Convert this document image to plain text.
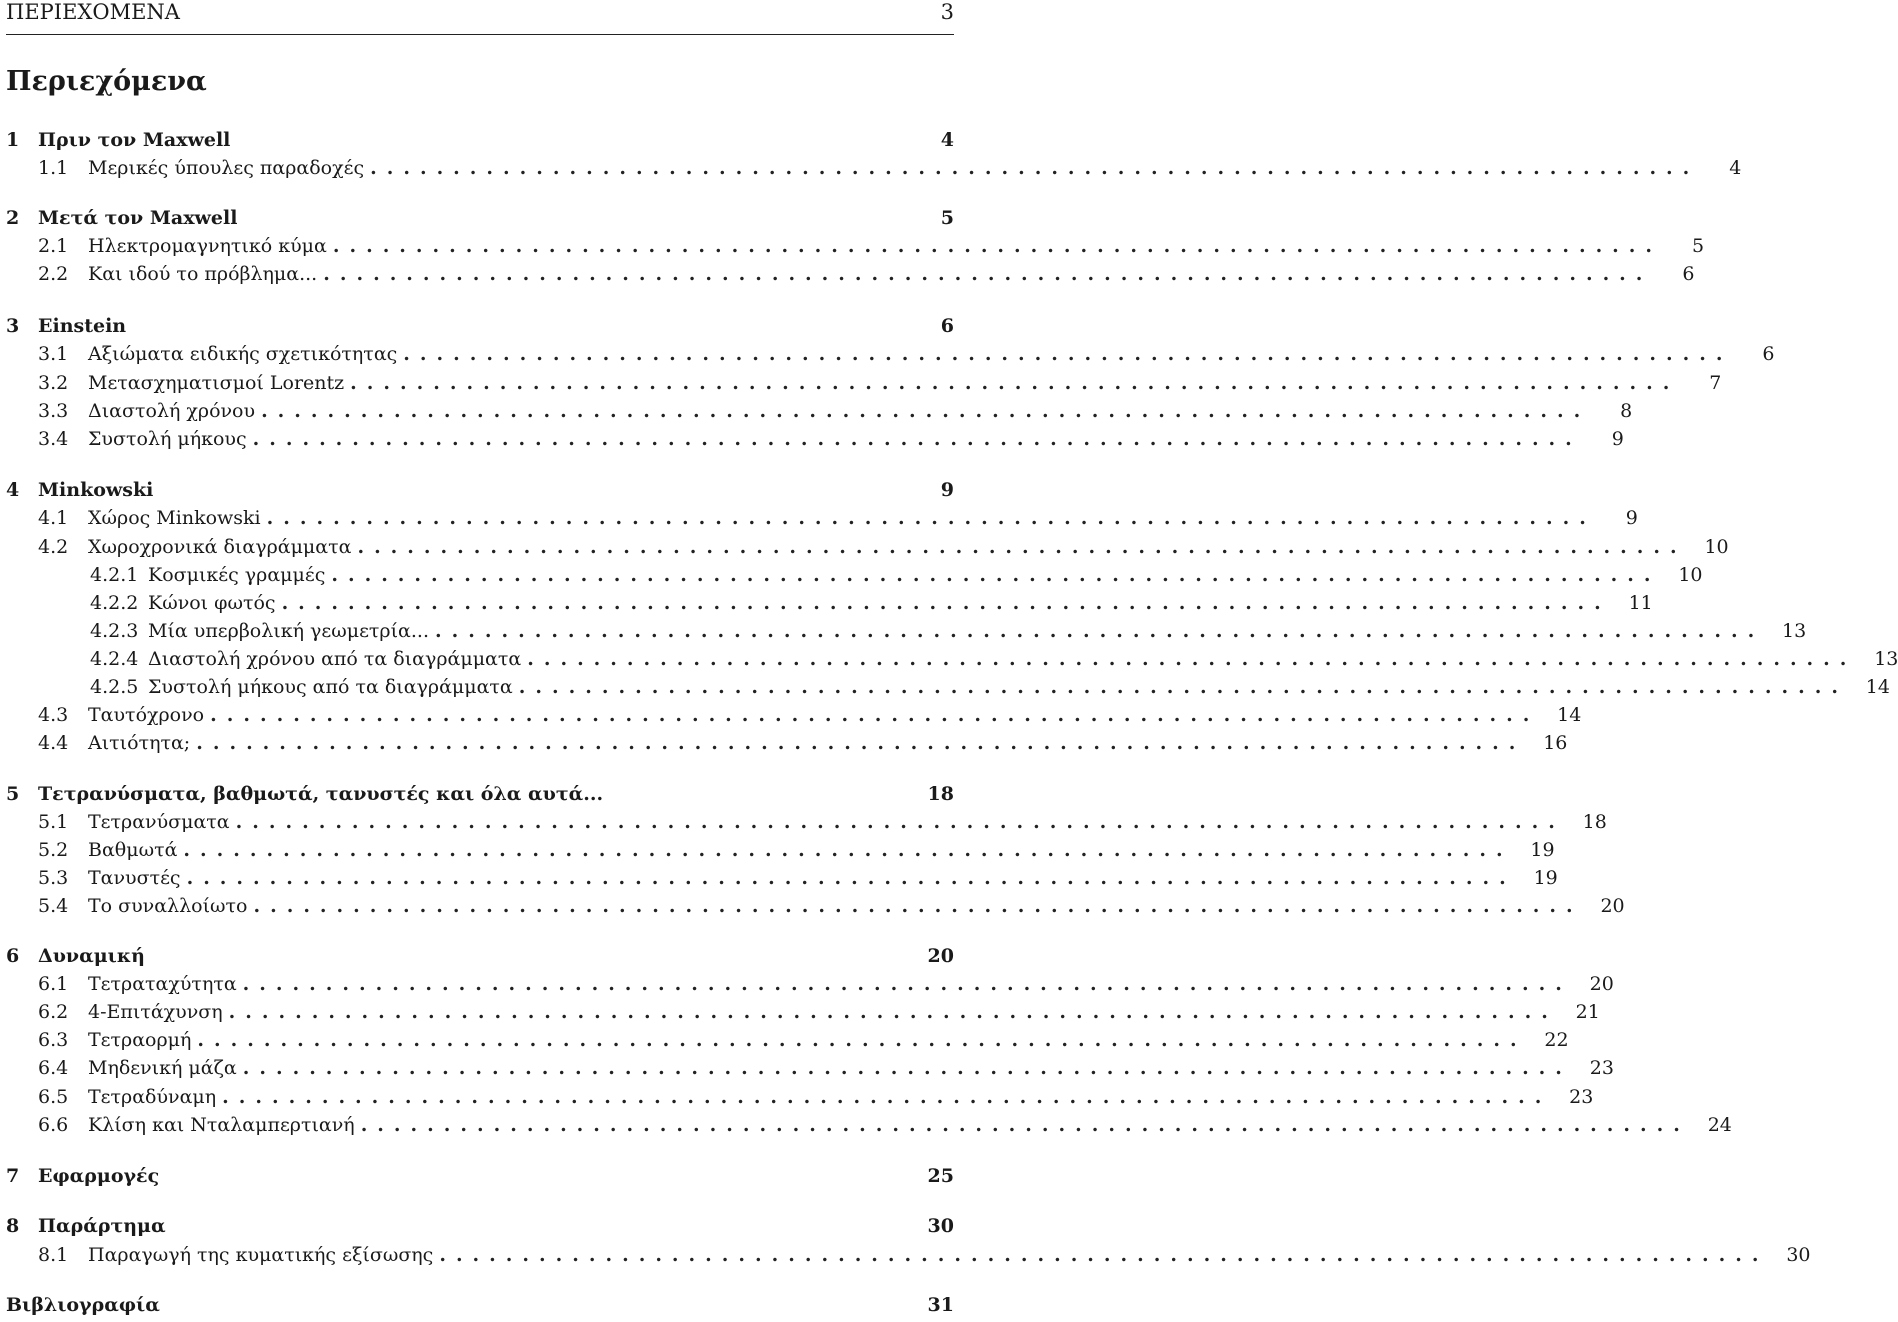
ΠΕΡΙΕΧΟΜΕΝΑ	3
Περιεχόμενα
1 Πριν τον Maxwell	4
1.1	Μερικές ύπουλες παραδοχές ................................................................................	4
2 Μετά τον Maxwell	5
2.1	Ηλεκτρομαγνητικό κύμα ................................................................................	5
2.2	Και ιδού το πρόβλημα... ................................................................................	6
3 Einstein	6
3.1	Αξιώματα ειδικής σχετικότητας ................................................................................	6
3.2	Μετασχηματισμοί Lorentz ................................................................................	7
3.3	Διαστολή χρόνου ................................................................................	8
3.4	Συστολή μήκους ................................................................................	9
4 Minkowski	9
4.1	Χώρος Minkowski ................................................................................	9
4.2	Χωροχρονικά διαγράμματα ................................................................................ 10
4.2.1 Κοσμικές γραμμές ................................................................................ 10
4.2.2 Κώνοι φωτός ................................................................................ 11
4.2.3 Μία υπερβολική γεωμετρία... ................................................................................ 13
4.2.4 Διαστολή χρόνου από τα διαγράμματα ................................................................................ 13
4.2.5 Συστολή μήκους από τα διαγράμματα ................................................................................ 14
4.3	Ταυτόχρονο ................................................................................ 14
4.4	Αιτιότητα; ................................................................................ 16
5 Τετρανύσματα, βαθμωτά, τανυστές και όλα αυτά...	18
5.1	Τετρανύσματα ................................................................................ 18
5.2	Βαθμωτά ................................................................................ 19
5.3	Τανυστές ................................................................................ 19
5.4	Το συναλλοίωτο ................................................................................ 20
6 Δυναμική	20
6.1	Τετραταχύτητα ................................................................................ 20
6.2	4-Επιτάχυνση ................................................................................ 21
6.3	Τετραορμή ................................................................................ 22
6.4	Μηδενική μάζα ................................................................................ 23
6.5	Τετραδύναμη ................................................................................ 23
6.6	Κλίση και Νταλαμπερτιανή ................................................................................ 24
7 Εφαρμογές	25
8 Παράρτημα	30
8.1	Παραγωγή της κυματικής εξίσωσης ................................................................................ 30
Βιβλιογραφία	31
